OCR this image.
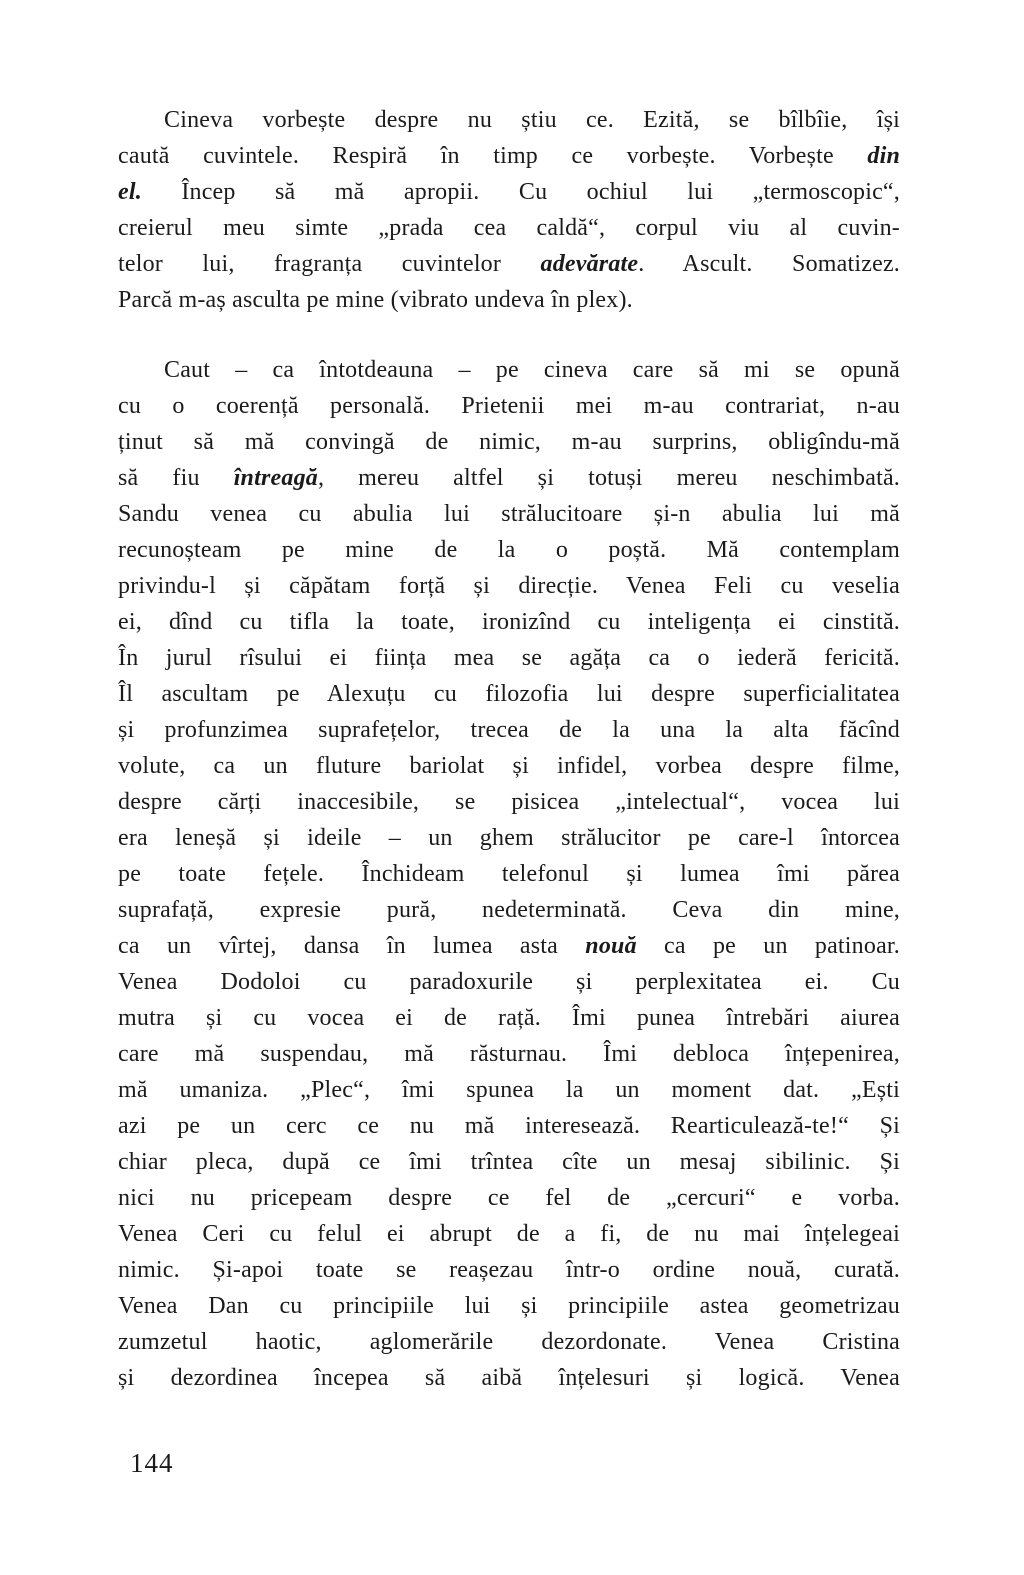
Cineva vorbește despre nu știu ce. Ezită, se bîlbîie, își
caută cuvintele. Respiră în timp ce vorbește. Vorbește din
el. Încep să mă apropii. Cu ochiul lui „termoscopic“,
creierul meu simte „prada cea caldă“, corpul viu al cuvin-
telor lui, fragranța cuvintelor adevărate. Ascult. Somatizez.
Parcă m-aș asculta pe mine (vibrato undeva în plex).
Caut – ca întotdeauna – pe cineva care să mi se opună
cu o coerență personală. Prietenii mei m-au contrariat, n-au
ținut să mă convingă de nimic, m-au surprins, obligîndu-mă
să fiu întreagă, mereu altfel și totuși mereu neschimbată.
Sandu venea cu abulia lui strălucitoare și-n abulia lui mă
recunoșteam pe mine de la o poștă. Mă contemplam
privindu-l și căpătam forță și direcție. Venea Feli cu veselia
ei, dînd cu tifla la toate, ironizînd cu inteligența ei cinstită.
În jurul rîsului ei ființa mea se agăța ca o iederă fericită.
Îl ascultam pe Alexuțu cu filozofia lui despre superficialitatea
și profunzimea suprafețelor, trecea de la una la alta făcînd
volute, ca un fluture bariolat și infidel, vorbea despre filme,
despre cărți inaccesibile, se pisicea „intelectual“, vocea lui
era leneșă și ideile – un ghem strălucitor pe care-l întorcea
pe toate fețele. Închideam telefonul și lumea îmi părea
suprafață, expresie pură, nedeterminată. Ceva din mine,
ca un vîrtej, dansa în lumea asta nouă ca pe un patinoar.
Venea Dodoloi cu paradoxurile și perplexitatea ei. Cu
mutra și cu vocea ei de rață. Îmi punea întrebări aiurea
care mă suspendau, mă răsturnau. Îmi debloca înțepenirea,
mă umaniza. „Plec“, îmi spunea la un moment dat. „Ești
azi pe un cerc ce nu mă interesează. Rearticulează-te!“ Și
chiar pleca, după ce îmi trîntea cîte un mesaj sibilinic. Și
nici nu pricepeam despre ce fel de „cercuri“ e vorba.
Venea Ceri cu felul ei abrupt de a fi, de nu mai înțelegeai
nimic. Și-apoi toate se reașezau într-o ordine nouă, curată.
Venea Dan cu principiile lui și principiile astea geometrizau
zumzetul haotic, aglomerările dezordonate. Venea Cristina
și dezordinea începea să aibă înțelesuri și logică. Venea
144
